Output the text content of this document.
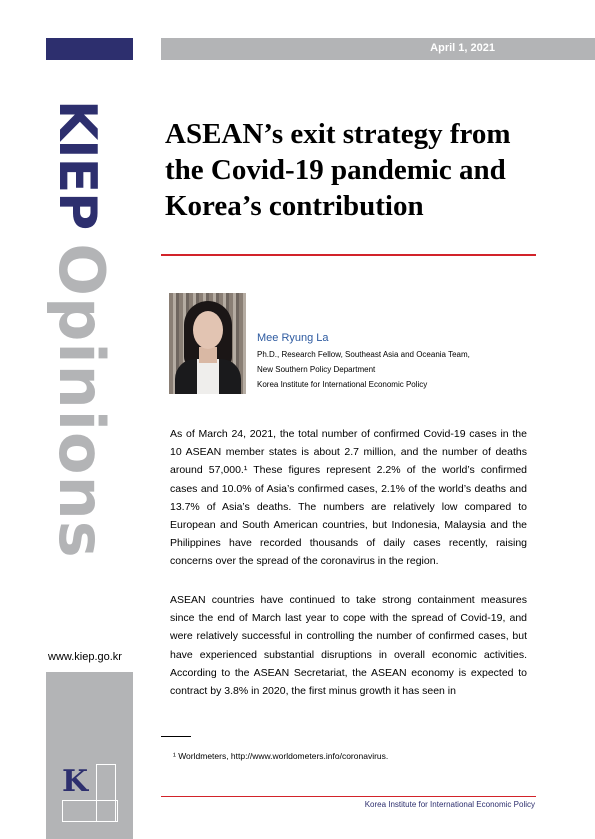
April 1, 2021
KIEPOpinions
www.kiep.go.kr
K
ASEAN’s exit strategy from the Covid-19 pandemic and Korea’s contribution
Mee Ryung La
Ph.D., Research Fellow, Southeast Asia and Oceania Team,
New Southern Policy Department
Korea Institute for International Economic Policy

As of March 24, 2021, the total number of confirmed Covid-19 cases in the 10 ASEAN member states is about 2.7 million, and the number of deaths around 57,000.¹ These figures represent 2.2% of the world’s confirmed cases and 10.0% of Asia’s confirmed cases, 2.1% of the world’s deaths and 13.7% of Asia’s deaths. The numbers are relatively low compared to European and South American countries, but Indonesia, Malaysia and the Philippines have recorded thousands of daily cases recently, raising concerns over the spread of the coronavirus in the region.

ASEAN countries have continued to take strong containment measures since the end of March last year to cope with the spread of Covid-19, and were relatively successful in controlling the number of confirmed cases, but have experienced substantial disruptions in overall economic activities. According to the ASEAN Secretariat, the ASEAN economy is expected to contract by 3.8% in 2020, the first minus growth it has seen in

¹ Worldmeters, http://www.worldometers.info/coronavirus.
Korea Institute for International Economic Policy
